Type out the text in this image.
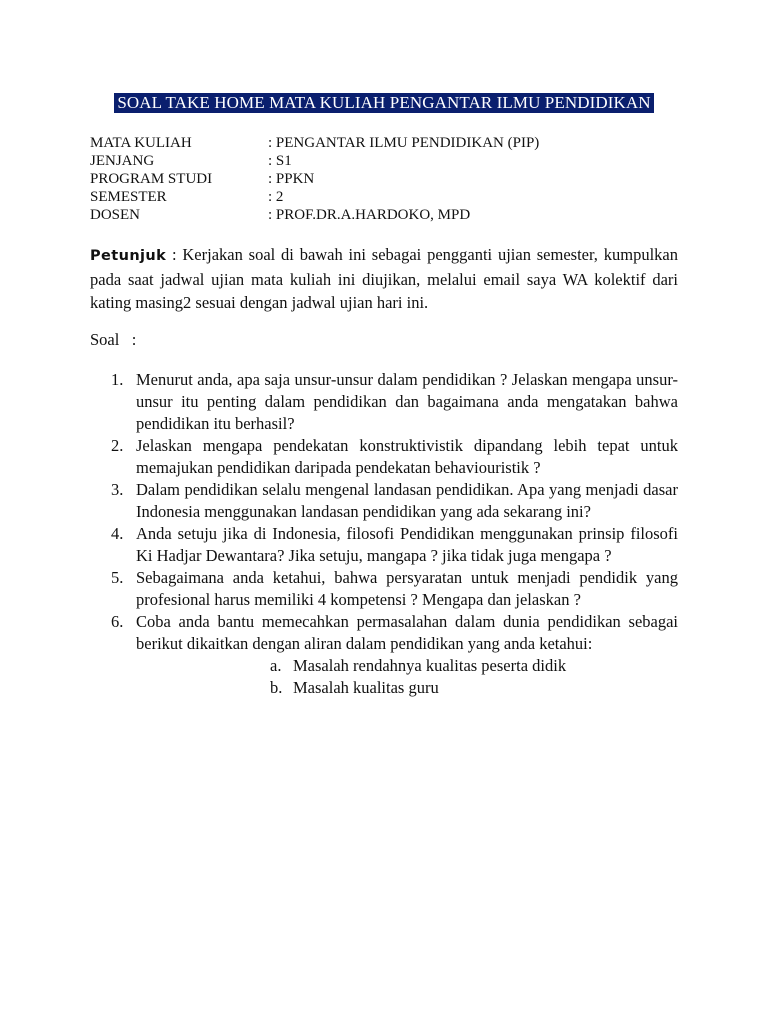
SOAL TAKE HOME MATA KULIAH PENGANTAR ILMU PENDIDIKAN
MATA KULIAH	: PENGANTAR ILMU PENDIDIKAN (PIP)
JENJANG	: S1
PROGRAM STUDI	: PPKN
SEMESTER	: 2
DOSEN	: PROF.DR.A.HARDOKO, MPD

Petunjuk : Kerjakan soal di bawah ini sebagai pengganti ujian semester, kumpulkan pada saat jadwal ujian mata kuliah ini diujikan, melalui email saya WA kolektif dari kating masing2 sesuai dengan jadwal ujian hari ini.

Soal   :
1. Menurut anda, apa saja unsur-unsur dalam pendidikan ? Jelaskan mengapa unsur-unsur itu penting dalam pendidikan dan bagaimana anda mengatakan bahwa pendidikan itu berhasil?
2. Jelaskan mengapa pendekatan konstruktivistik dipandang lebih tepat untuk memajukan pendidikan daripada pendekatan behaviouristik ?
3. Dalam pendidikan selalu mengenal landasan pendidikan. Apa yang menjadi dasar Indonesia menggunakan landasan pendidikan yang ada sekarang ini?
4. Anda setuju jika di Indonesia, filosofi Pendidikan menggunakan prinsip filosofi Ki Hadjar Dewantara? Jika setuju, mangapa ? jika tidak juga mengapa ?
5. Sebagaimana anda ketahui, bahwa persyaratan untuk menjadi pendidik yang profesional harus memiliki 4 kompetensi ? Mengapa dan jelaskan ?
6. Coba anda bantu memecahkan permasalahan dalam dunia pendidikan sebagai berikut dikaitkan dengan aliran dalam pendidikan yang anda ketahui:
a. Masalah rendahnya kualitas peserta didik
b. Masalah kualitas guru
